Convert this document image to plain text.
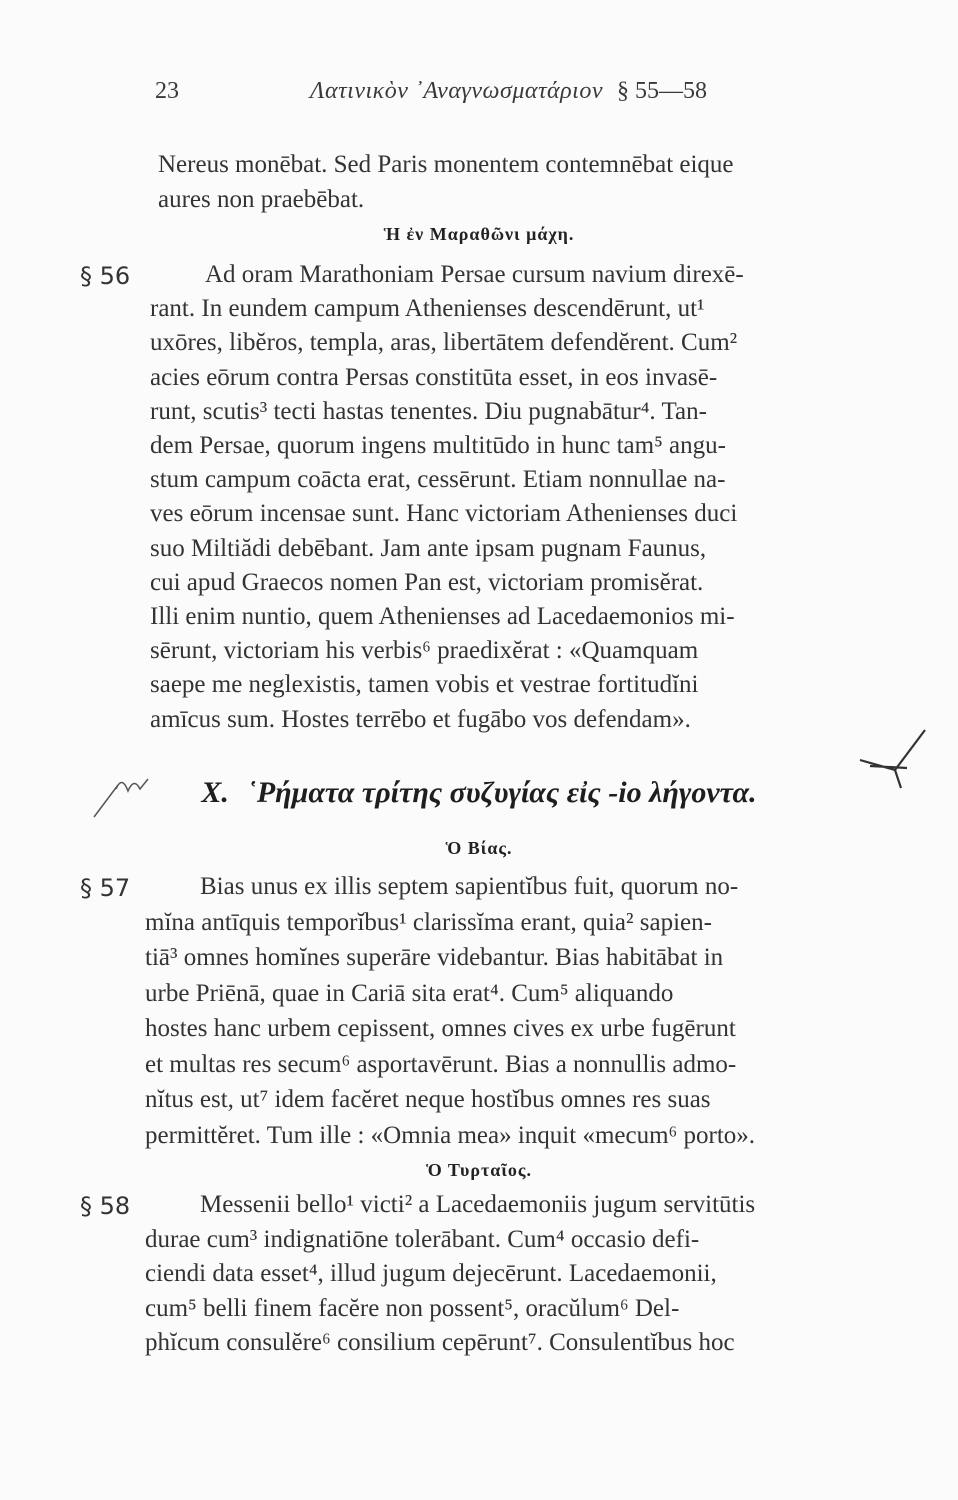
23	Λατινικὸν ᾿Αναγνωσματάριον § 55—58
Nereus monēbat. Sed Paris monentem contemnēbat eique
aures non praebēbat.
Ἡ ἐν Μαραθῶνι μάχη.
§ 56	Ad oram Marathoniam Persae cursum navium direxē-
rant. In eundem campum Athenienses descendērunt, ut¹
uxōres, libĕros, templa, aras, libertātem defendĕrent. Cum²
acies eōrum contra Persas constitūta esset, in eos invasē-
runt, scutis³ tecti hastas tenentes. Diu pugnabātur⁴. Tan-
dem Persae, quorum ingens multitūdo in hunc tam⁵ angu-
stum campum coācta erat, cessērunt. Etiam nonnullae na-
ves eōrum incensae sunt. Hanc victoriam Athenienses duci
suo Miltiădi debēbant. Jam ante ipsam pugnam Faunus,
cui apud Graecos nomen Pan est, victoriam promisĕrat.
Illi enim nuntio, quem Athenienses ad Lacedaemonios mi-
sērunt, victoriam his verbis⁶ praedixĕrat : «Quamquam
saepe me neglexistis, tamen vobis et vestrae fortitudĭni
amīcus sum. Hostes terrēbo et fugābo vos defendam».
X. ῾Ρήματα τρίτης συζυγίας εἰς -io λήγοντα.
Ὁ Βίας.
§ 57	Bias unus ex illis septem sapientĭbus fuit, quorum no-
mĭna antīquis temporĭbus¹ clarissĭma erant, quia² sapien-
tiā³ omnes homĭnes superāre videbantur. Bias habitābat in
urbe Priēnā, quae in Cariā sita erat⁴. Cum⁵ aliquando
hostes hanc urbem cepissent, omnes cives ex urbe fugērunt
et multas res secum⁶ asportavērunt. Bias a nonnullis admo-
nĭtus est, ut⁷ idem facĕret neque hostĭbus omnes res suas
permittĕret. Tum ille : «Omnia mea» inquit «mecum⁶ porto».
Ὁ Τυρταῖος.
§ 58	Messenii bello¹ victi² a Lacedaemoniis jugum servitūtis
durae cum³ indignatiōne tolerābant. Cum⁴ occasio defi-
ciendi data esset⁴, illud jugum dejecērunt. Lacedaemonii,
cum⁵ belli finem facĕre non possent⁵, oracŭlum⁶ Del-
phĭcum consulĕre⁶ consilium cepērunt⁷. Consulentĭbus hoc
